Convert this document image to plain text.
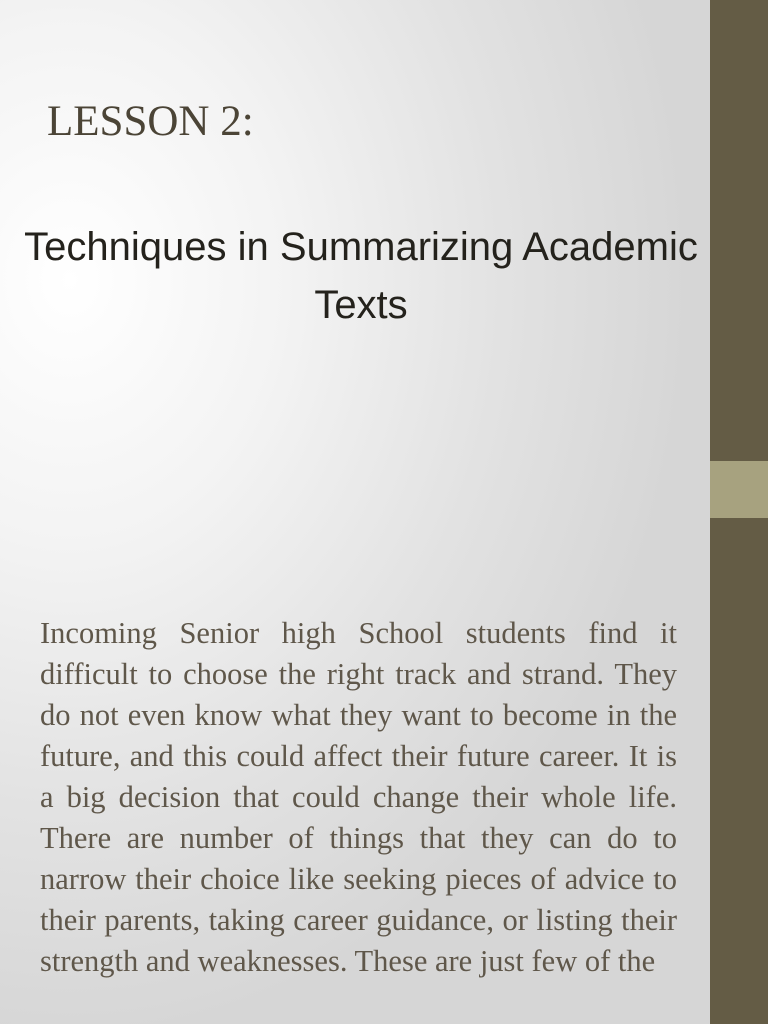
LESSON 2:
Techniques in Summarizing Academic Texts

Incoming Senior high School students find it difficult to choose the right track and strand. They do not even know what they want to become in the future, and this could affect their future career. It is a big decision that could change their whole life. There are number of things that they can do to narrow their choice like seeking pieces of advice to their parents, taking career guidance, or listing their strength and weaknesses. These are just few of the
